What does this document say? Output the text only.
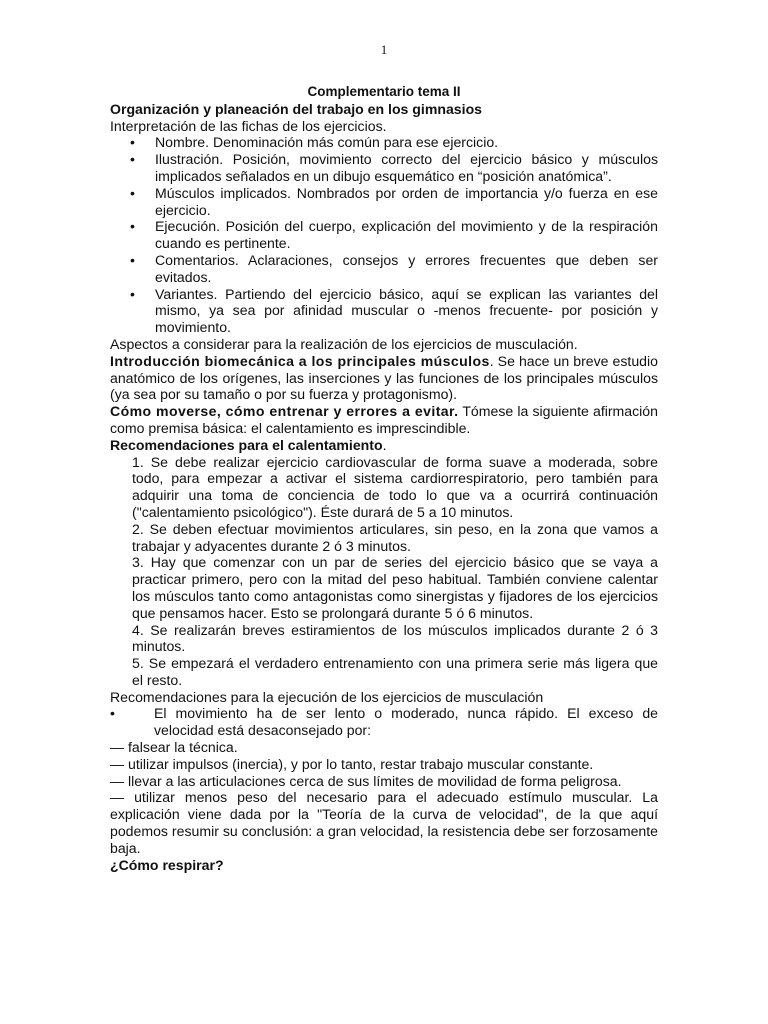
1

Complementario tema II

Organización y planeación del trabajo en los gimnasios

Interpretación de las fichas de los ejercicios.

• Nombre. Denominación más común para ese ejercicio.
• Ilustración. Posición, movimiento correcto del ejercicio básico y músculos implicados señalados en un dibujo esquemático en “posición anatómica”.
• Músculos implicados. Nombrados por orden de importancia y/o fuerza en ese ejercicio.
• Ejecución. Posición del cuerpo, explicación del movimiento y de la respiración cuando es pertinente.
• Comentarios. Aclaraciones, consejos y errores frecuentes que deben ser evitados.
• Variantes. Partiendo del ejercicio básico, aquí se explican las variantes del mismo, ya sea por afinidad muscular o -menos frecuente- por posición y movimiento.

Aspectos a considerar para la realización de los ejercicios de musculación.

Introducción biomecánica a los principales músculos. Se hace un breve estudio anatómico de los orígenes, las inserciones y las funciones de los principales músculos (ya sea por su tamaño o por su fuerza y protagonismo).

Cómo moverse, cómo entrenar y errores a evitar. Tómese la siguiente afirmación como premisa básica: el calentamiento es imprescindible.

Recomendaciones para el calentamiento.

1. Se debe realizar ejercicio cardiovascular de forma suave a moderada, sobre todo, para empezar a activar el sistema cardiorrespiratorio, pero también para adquirir una toma de conciencia de todo lo que va a ocurrirá continuación ("calentamiento psicológico"). Éste durará de 5 a 10 minutos.
2. Se deben efectuar movimientos articulares, sin peso, en la zona que vamos a trabajar y adyacentes durante 2 ó 3 minutos.
3. Hay que comenzar con un par de series del ejercicio básico que se vaya a practicar primero, pero con la mitad del peso habitual. También conviene calentar los músculos tanto como antagonistas como sinergistas y fijadores de los ejercicios que pensamos hacer. Esto se prolongará durante 5 ó 6 minutos.
4. Se realizarán breves estiramientos de los músculos implicados durante 2 ó 3 minutos.
5. Se empezará el verdadero entrenamiento con una primera serie más ligera que el resto.

Recomendaciones para la ejecución de los ejercicios de musculación

•	El movimiento ha de ser lento o moderado, nunca rápido. El exceso de velocidad está desaconsejado por:

— falsear la técnica.

— utilizar impulsos (inercia), y por lo tanto, restar trabajo muscular constante.

— llevar a las articulaciones cerca de sus límites de movilidad de forma peligrosa.

— utilizar menos peso del necesario para el adecuado estímulo muscular. La explicación viene dada por la "Teoría de la curva de velocidad", de la que aquí podemos resumir su conclusión: a gran velocidad, la resistencia debe ser forzosamente baja.

¿Cómo respirar?
